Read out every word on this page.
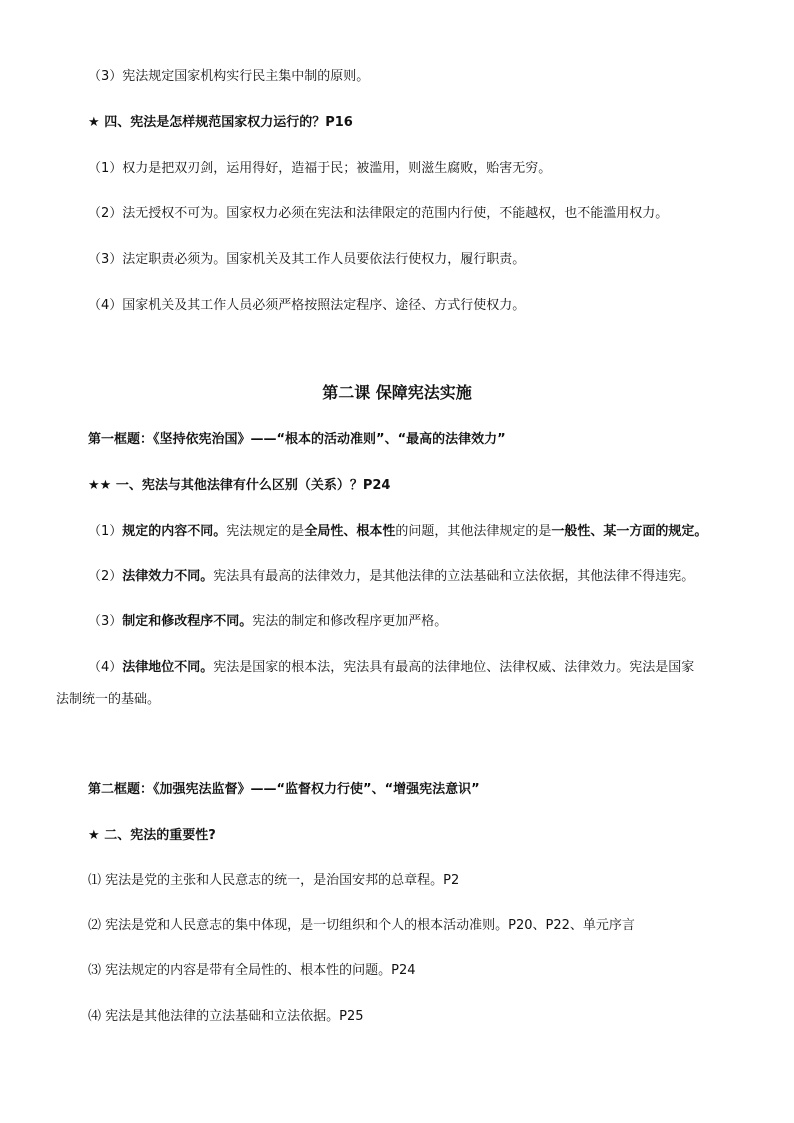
（3）宪法规定国家机构实行民主集中制的原则。
★ 四、宪法是怎样规范国家权力运行的？P16
（1）权力是把双刃剑，运用得好，造福于民；被滥用，则滋生腐败，贻害无穷。
（2）法无授权不可为。国家权力必须在宪法和法律限定的范围内行使，不能越权，也不能滥用权力。
（3）法定职责必须为。国家机关及其工作人员要依法行使权力，履行职责。
（4）国家机关及其工作人员必须严格按照法定程序、途径、方式行使权力。
第二课 保障宪法实施
第一框题：《坚持依宪治国》——“根本的活动准则”、“最高的法律效力”
★★ 一、宪法与其他法律有什么区别（关系）？P24
（1）规定的内容不同。宪法规定的是全局性、根本性的问题，其他法律规定的是一般性、某一方面的规定。
（2）法律效力不同。宪法具有最高的法律效力，是其他法律的立法基础和立法依据，其他法律不得违宪。
（3）制定和修改程序不同。宪法的制定和修改程序更加严格。
（4）法律地位不同。宪法是国家的根本法，宪法具有最高的法律地位、法律权威、法律效力。宪法是国家
法制统一的基础。
第二框题：《加强宪法监督》——“监督权力行使”、“增强宪法意识”
★ 二、宪法的重要性?
⑴ 宪法是党的主张和人民意志的统一，是治国安邦的总章程。P2
⑵ 宪法是党和人民意志的集中体现，是一切组织和个人的根本活动准则。P20、P22、单元序言
⑶ 宪法规定的内容是带有全局性的、根本性的问题。P24
⑷ 宪法是其他法律的立法基础和立法依据。P25
